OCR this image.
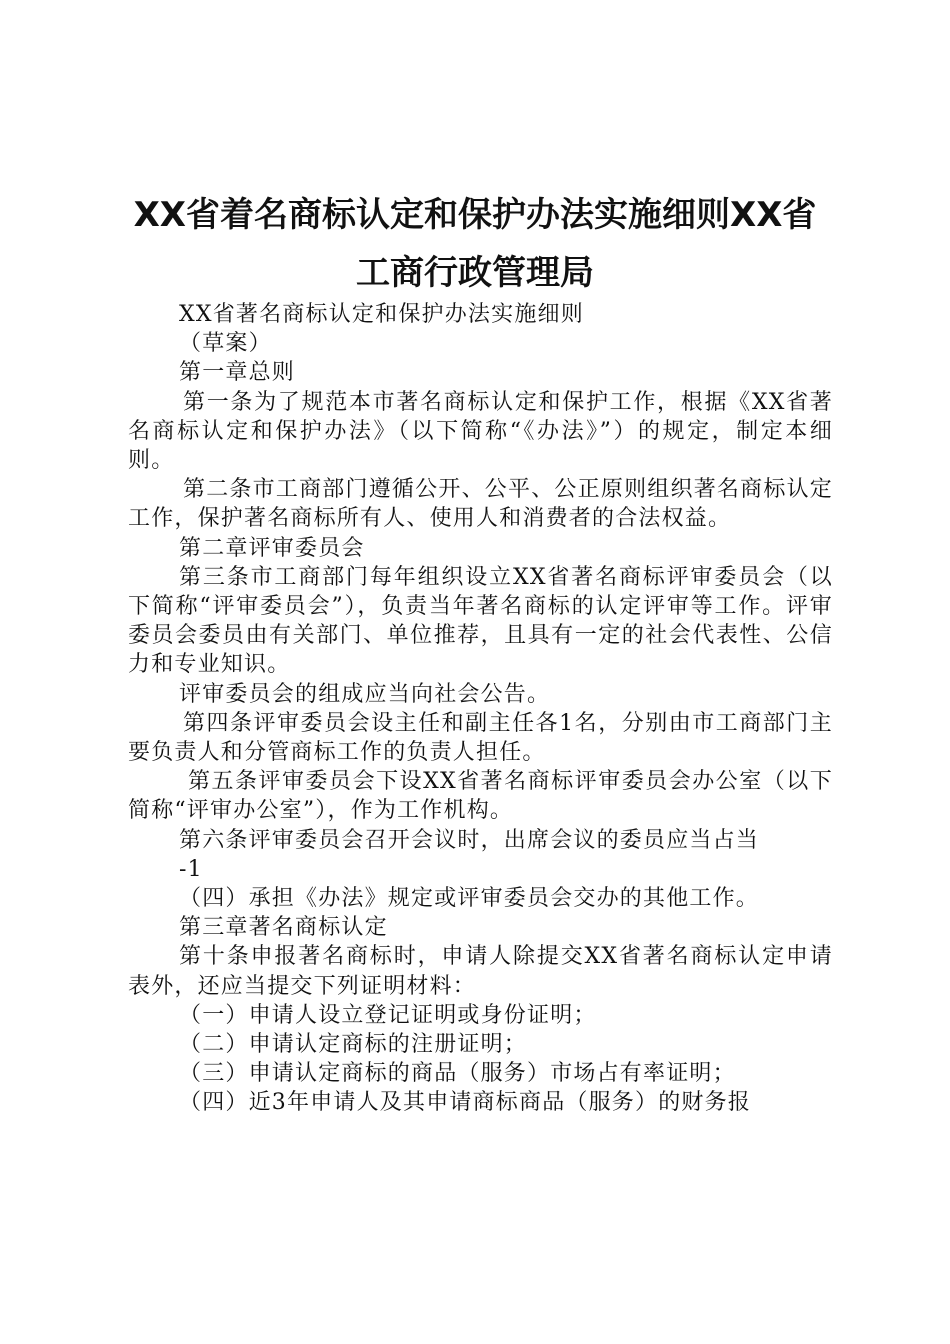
XX省着名商标认定和保护办法实施细则XX省工商行政管理局

XX省著名商标认定和保护办法实施细则

（草案）

第一章总则

第一条为了规范本市著名商标认定和保护工作，根据《XX省著名商标认定和保护办法》（以下简称“《办法》”）的规定，制定本细则。

第二条市工商部门遵循公开、公平、公正原则组织著名商标认定工作，保护著名商标所有人、使用人和消费者的合法权益。

第二章评审委员会

第三条市工商部门每年组织设立XX省著名商标评审委员会（以下简称“评审委员会”），负责当年著名商标的认定评审等工作。评审委员会委员由有关部门、单位推荐，且具有一定的社会代表性、公信力和专业知识。

评审委员会的组成应当向社会公告。

第四条评审委员会设主任和副主任各1名，分别由市工商部门主要负责人和分管商标工作的负责人担任。

第五条评审委员会下设XX省著名商标评审委员会办公室（以下简称“评审办公室”），作为工作机构。

第六条评审委员会召开会议时，出席会议的委员应当占当

-1

（四）承担《办法》规定或评审委员会交办的其他工作。

第三章著名商标认定

第十条申报著名商标时，申请人除提交XX省著名商标认定申请表外，还应当提交下列证明材料：

（一）申请人设立登记证明或身份证明；

（二）申请认定商标的注册证明；

（三）申请认定商标的商品（服务）市场占有率证明；

（四）近3年申请人及其申请商标商品（服务）的财务报
